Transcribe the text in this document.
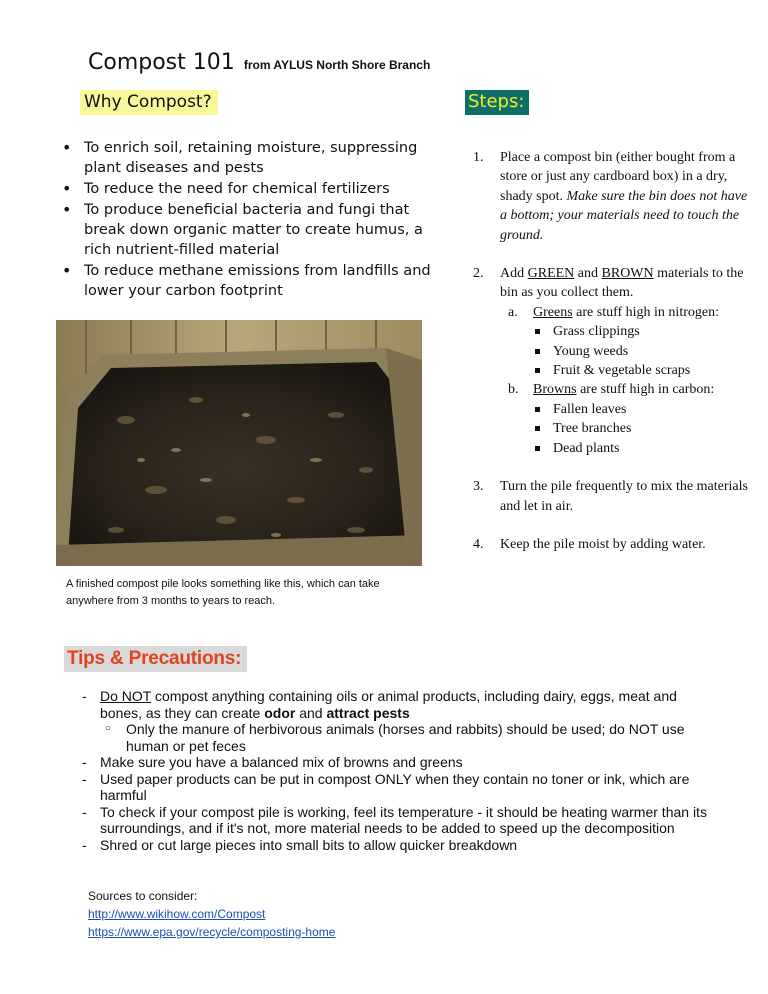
Compost 101 from AYLUS North Shore Branch
Why Compost?
• To enrich soil, retaining moisture, suppressing plant diseases and pests
• To reduce the need for chemical fertilizers
• To produce beneficial bacteria and fungi that break down organic matter to create humus, a rich nutrient-filled material
• To reduce methane emissions from landfills and lower your carbon footprint
A finished compost pile looks something like this, which can take anywhere from 3 months to years to reach.
Steps:
1. Place a compost bin (either bought from a store or just any cardboard box) in a dry, shady spot. Make sure the bin does not have a bottom; your materials need to touch the ground.
2. Add GREEN and BROWN materials to the bin as you collect them.
a. Greens are stuff high in nitrogen:
Grass clippings
Young weeds
Fruit & vegetable scraps
b. Browns are stuff high in carbon:
Fallen leaves
Tree branches
Dead plants
3. Turn the pile frequently to mix the materials and let in air.
4. Keep the pile moist by adding water.
Tips & Precautions:
- Do NOT compost anything containing oils or animal products, including dairy, eggs, meat and bones, as they can create odor and attract pests
○ Only the manure of herbivorous animals (horses and rabbits) should be used; do NOT use human or pet feces
- Make sure you have a balanced mix of browns and greens
- Used paper products can be put in compost ONLY when they contain no toner or ink, which are harmful
- To check if your compost pile is working, feel its temperature - it should be heating warmer than its surroundings, and if it's not, more material needs to be added to speed up the decomposition
- Shred or cut large pieces into small bits to allow quicker breakdown
Sources to consider:
http://www.wikihow.com/Compost
https://www.epa.gov/recycle/composting-home
